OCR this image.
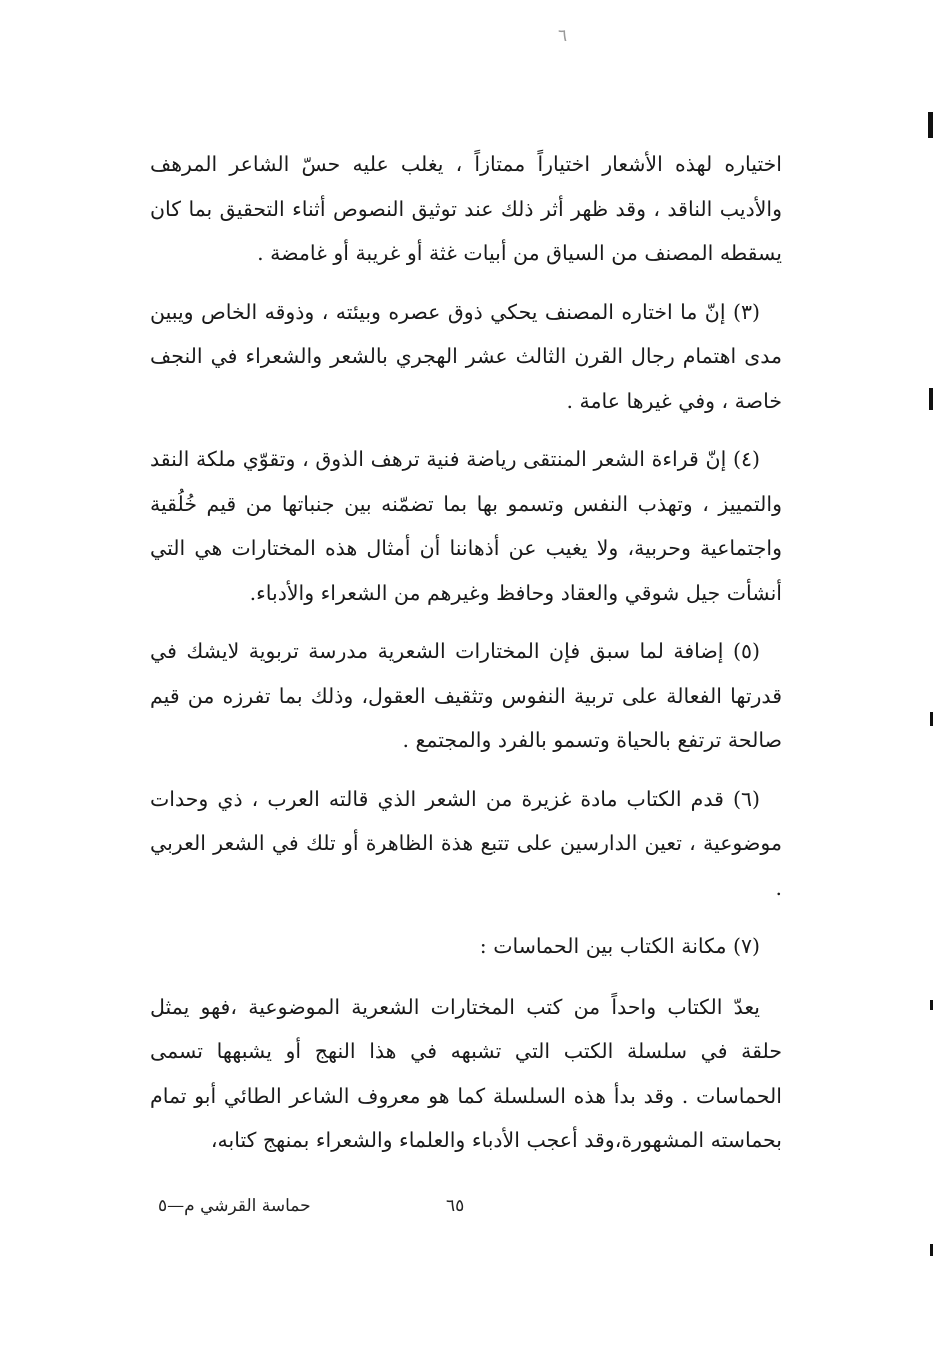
٦

اختياره لهذه الأشعار اختياراً ممتازاً ، يغلب عليه حسّ الشاعر المرهف والأديب الناقد ، وقد ظهر أثر ذلك عند توثيق النصوص أثناء التحقيق بما كان يسقطه المصنف من السياق من أبيات غثة أو غريبة أو غامضة .

(٣) إنّ ما اختاره المصنف يحكي ذوق عصره وبيئته ، وذوقه الخاص ويبين مدى اهتمام رجال القرن الثالث عشر الهجري بالشعر والشعراء في النجف خاصة ، وفي غيرها عامة .

(٤) إنّ قراءة الشعر المنتقى رياضة فنية ترهف الذوق ، وتقوّي ملكة النقد والتمييز ، وتهذب النفس وتسمو بها بما تضمّنه بين جنباتها من قيم خُلُقية واجتماعية وحربية، ولا يغيب عن أذهاننا أن أمثال هذه المختارات هي التي أنشأت جيل شوقي والعقاد وحافظ وغيرهم من الشعراء والأدباء.

(٥) إضافة لما سبق فإن المختارات الشعرية مدرسة تربوية لايشك في قدرتها الفعالة على تربية النفوس وتثقيف العقول، وذلك بما تفرزه من قيم صالحة ترتفع بالحياة وتسمو بالفرد والمجتمع .

(٦) قدم الكتاب مادة غزيرة من الشعر الذي قالته العرب ، ذي وحدات موضوعية ، تعين الدارسين على تتبع هذة الظاهرة أو تلك في الشعر العربي .

(٧) مكانة الكتاب بين الحماسات :

يعدّ الكتاب واحداً من كتب المختارات الشعرية الموضوعية ،فهو يمثل حلقة في سلسلة الكتب التي تشبهه في هذا النهج أو يشبهها تسمى الحماسات . وقد بدأ هذه السلسلة كما هو معروف الشاعر الطائي أبو تمام بحماسته المشهورة،وقد أعجب الأدباء والعلماء والشعراء بمنهج كتابه،

٦٥
حماسة القرشي م—٥
